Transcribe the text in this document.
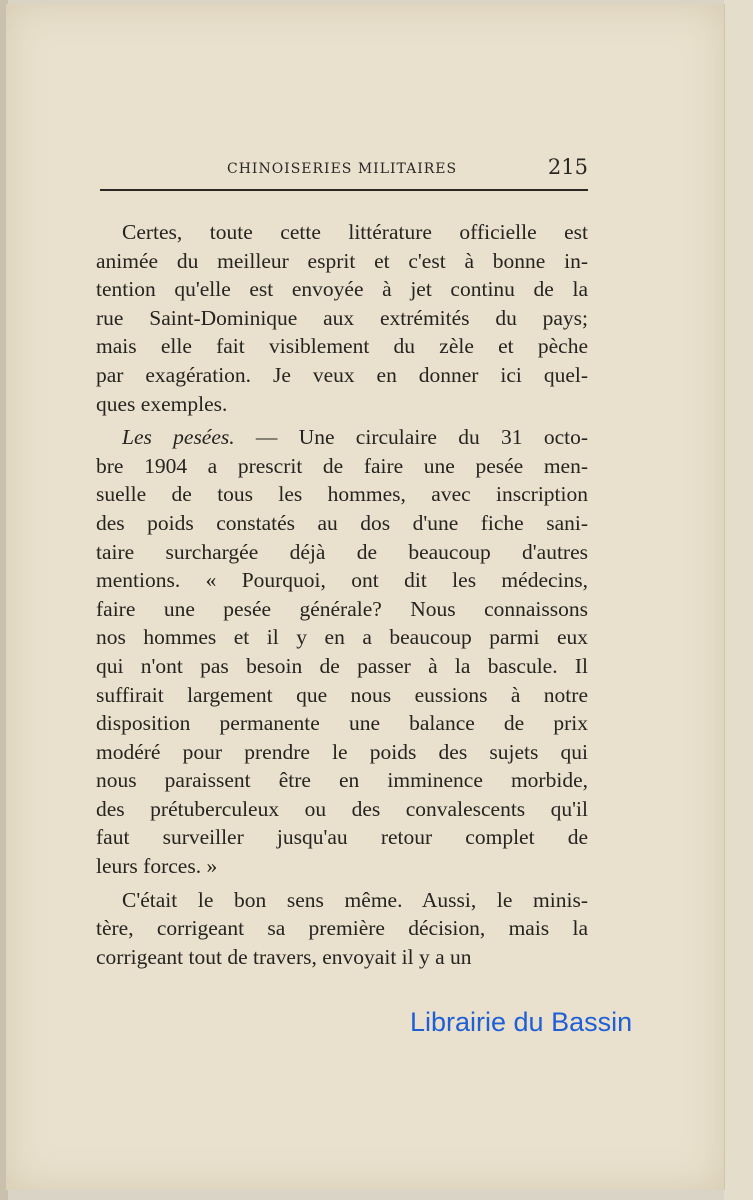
CHINOISERIES MILITAIRES	215
Certes, toute cette littérature officielle est
animée du meilleur esprit et c'est à bonne in-
tention qu'elle est envoyée à jet continu de la
rue Saint-Dominique aux extrémités du pays;
mais elle fait visiblement du zèle et pèche
par exagération. Je veux en donner ici quel-
ques exemples.
Les pesées. — Une circulaire du 31 octo-
bre 1904 a prescrit de faire une pesée men-
suelle de tous les hommes, avec inscription
des poids constatés au dos d'une fiche sani-
taire surchargée déjà de beaucoup d'autres
mentions. « Pourquoi, ont dit les médecins,
faire une pesée générale? Nous connaissons
nos hommes et il y en a beaucoup parmi eux
qui n'ont pas besoin de passer à la bascule. Il
suffirait largement que nous eussions à notre
disposition permanente une balance de prix
modéré pour prendre le poids des sujets qui
nous paraissent être en imminence morbide,
des prétuberculeux ou des convalescents qu'il
faut surveiller jusqu'au retour complet de
leurs forces. »
C'était le bon sens même. Aussi, le minis-
tère, corrigeant sa première décision, mais la
corrigeant tout de travers, envoyait il y a un
Librairie du Bassin
